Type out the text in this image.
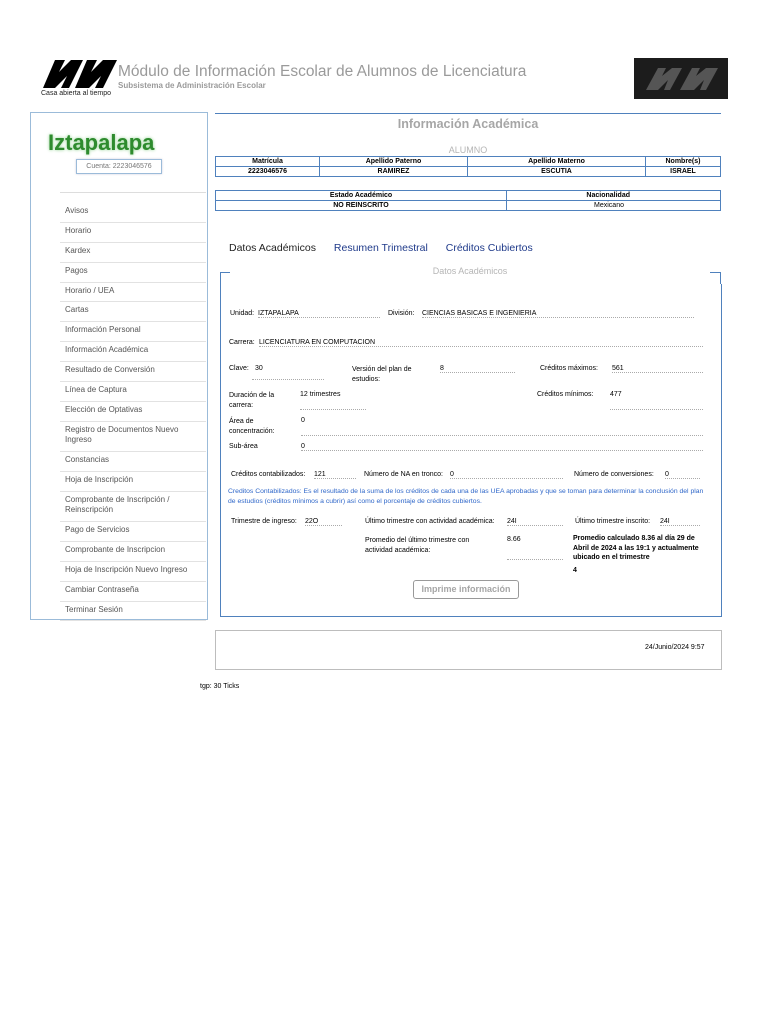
Casa abierta al tiempo
Módulo de Información Escolar de Alumnos de Licenciatura
Subsistema de Administración Escolar
Iztapalapa
Cuenta: 2223046576
Avisos
Horario
Kardex
Pagos
Horario / UEA
Cartas
Información Personal
Información Académica
Resultado de Conversión
Línea de Captura
Elección de Optativas
Registro de Documentos Nuevo Ingreso
Constancias
Hoja de Inscripción
Comprobante de Inscripción / Reinscripción
Pago de Servicios
Comprobante de Inscripcion
Hoja de Inscripción Nuevo Ingreso
Cambiar Contraseña
Terminar Sesión
Información Académica
ALUMNO
Matrícula	Apellido Paterno	Apellido Materno	Nombre(s)
2223046576	RAMIREZ	ESCUTIA	ISRAEL
Estado Académico	Nacionalidad
NO REINSCRITO	Mexicano
Datos Académicos Resumen Trimestral Créditos Cubiertos
Datos Académicos
Unidad: IZTAPALAPA	División: CIENCIAS BASICAS E INGENIERIA
Carrera: LICENCIATURA EN COMPUTACION
Clave: 30	Versión del plan de estudios:
8	Créditos máximos: 561
Duración de la carrera:
12 trimestres	Créditos mínimos: 477
Área de concentración:
0
Sub-área	0
Créditos contabilizados: 121	Número de NA en tronco: 0	Número de conversiones: 0
Creditos Contabilizados: Es el resultado de la suma de los créditos de cada una de las UEA aprobadas y que se toman para determinar la conclusión del plan de estudios (créditos mínimos a cubrir) así como el porcentaje de créditos cubiertos.
Trimestre de ingreso: 22O	Último trimestre con actividad académica: 24I	Último trimestre inscrito: 24I
Promedio del último trimestre con actividad académica:
8.66	Promedio calculado 8.36 al día 29 de Abril de 2024 a las 19:1 y actualmente ubicado en el trimestre
4
Imprime información
24/Junio/2024 9:57
tgp: 30 Ticks
